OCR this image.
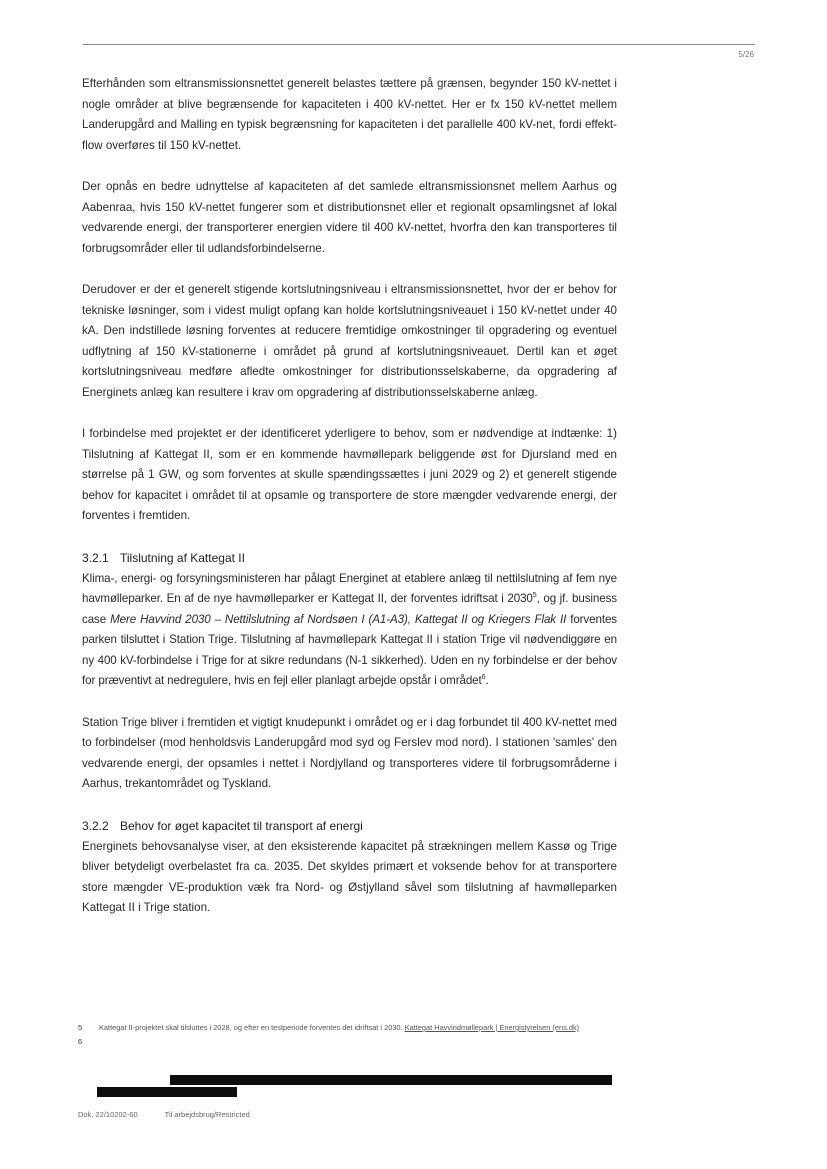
5/26

Efterhånden som eltransmissionsnettet generelt belastes tættere på grænsen, begynder 150 kV-nettet i nogle områder at blive begrænsende for kapaciteten i 400 kV-nettet. Her er fx 150 kV-nettet mellem Landerupgård and Malling en typisk begrænsning for kapaciteten i det parallelle 400 kV-net, fordi effekt-flow overføres til 150 kV-nettet.

Der opnås en bedre udnyttelse af kapaciteten af det samlede eltransmissionsnet mellem Aarhus og Aabenraa, hvis 150 kV-nettet fungerer som et distributionsnet eller et regionalt opsamlingsnet af lokal vedvarende energi, der transporterer energien videre til 400 kV-nettet, hvorfra den kan transporteres til forbrugsområder eller til udlandsforbindelserne.

Derudover er der et generelt stigende kortslutningsniveau i eltransmissionsnettet, hvor der er behov for tekniske løsninger, som i videst muligt opfang kan holde kortslutningsniveauet i 150 kV-nettet under 40 kA. Den indstillede løsning forventes at reducere fremtidige omkostninger til opgradering og eventuel udflytning af 150 kV-stationerne i området på grund af kortslutningsniveauet. Dertil kan et øget kortslutningsniveau medføre afledte omkostninger for distributionsselskaberne, da opgradering af Energinets anlæg kan resultere i krav om opgradering af distributionsselskaberne anlæg.

I forbindelse med projektet er der identificeret yderligere to behov, som er nødvendige at indtænke: 1) Tilslutning af Kattegat II, som er en kommende havmøllepark beliggende øst for Djursland med en størrelse på 1 GW, og som forventes at skulle spændingssættes i juni 2029 og 2) et generelt stigende behov for kapacitet i området til at opsamle og transportere de store mængder vedvarende energi, der forventes i fremtiden.

3.2.1 Tilslutning af Kattegat II

Klima-, energi- og forsyningsministeren har pålagt Energinet at etablere anlæg til nettilslutning af fem nye havmølleparker. En af de nye havmølleparker er Kattegat II, der forventes idriftsat i 2030$^5$, og jf. business case Mere Havvind 2030 – Nettilslutning af Nordsøen I (A1-A3), Kattegat II og Kriegers Flak II forventes parken tilsluttet i Station Trige. Tilslutning af havmøllepark Kattegat II i station Trige vil nødvendiggøre en ny 400 kV-forbindelse i Trige for at sikre redundans (N-1 sikkerhed). Uden en ny forbindelse er der behov for præventivt at nedregulere, hvis en fejl eller planlagt arbejde opstår i området$^6$.

Station Trige bliver i fremtiden et vigtigt knudepunkt i området og er i dag forbundet til 400 kV-nettet med to forbindelser (mod henholdsvis Landerupgård mod syd og Ferslev mod nord). I stationen 'samles' den vedvarende energi, der opsamles i nettet i Nordjylland og transporteres videre til forbrugsområderne i Aarhus, trekantområdet og Tyskland.

3.2.2 Behov for øget kapacitet til transport af energi

Energinets behovsanalyse viser, at den eksisterende kapacitet på strækningen mellem Kassø og Trige bliver betydeligt overbelastet fra ca. 2035. Det skyldes primært et voksende behov for at transportere store mængder VE-produktion væk fra Nord- og Østjylland såvel som tilslutning af havmølleparken Kattegat II i Trige station.

5	Kattegat II-projektet skal tilsluttes i 2028, og efter en testperiode forventes det idriftsat i 2030. Kattegat Havvindmøllepark | Energistyrelsen (ens.dk)
6
Dok. 22/10202-60	Til arbejdsbrug/Restricted
